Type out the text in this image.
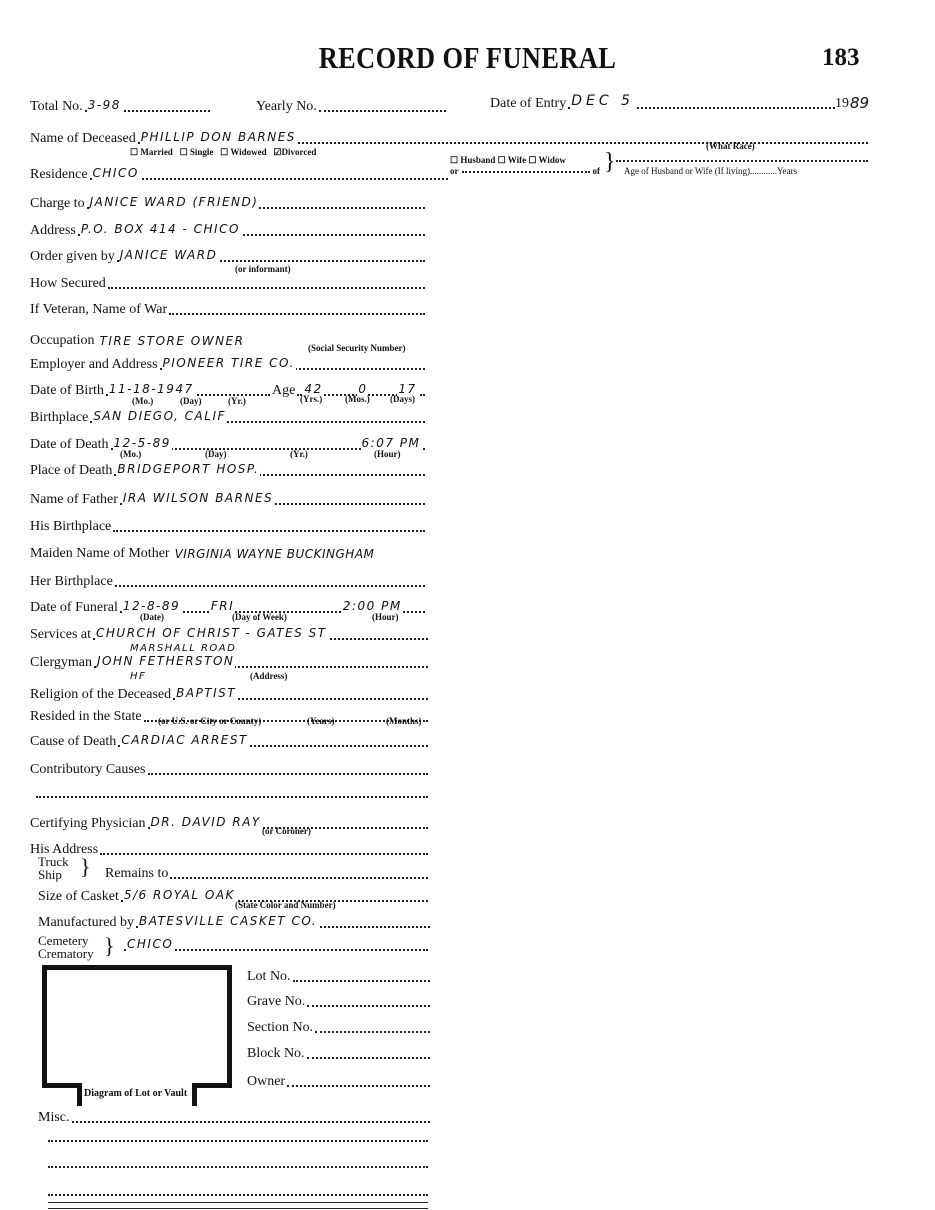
RECORD OF FUNERAL	183
Total No. 3-98	Yearly No.	Date of Entry DEC 5	19 89
Name of Deceased PHILLIP DON BARNES
(What Race)
☐ Married ☐ Single ☐ Widowed ☑Divorced
☐ Husband ☐ Wife ☐ Widow }
or	of	Age of Husband or Wife (If living)............Years
Residence CHICO
Charge to JANICE WARD (FRIEND)
Address P.O. BOX 414 - CHICO
Order given by JANICE WARD
(or informant)
How Secured
If Veteran, Name of War
Occupation TIRE STORE OWNER	(Social Security Number)
Employer and Address PIONEER TIRE CO.
Date of Birth 11-18-1947	Age 42	0	17
(Mo.)	(Day)	(Yr.)	(Yrs.)	(Mos.) (Days)
Birthplace SAN DIEGO, CALIF
Date of Death 12-5-89	6:07 PM
(Mo.)	(Day)	(Yr.)	(Hour)
Place of Death BRIDGEPORT HOSP.
Name of Father IRA WILSON BARNES
His Birthplace
Maiden Name of Mother VIRGINIA WAYNE BUCKINGHAM
Her Birthplace
Date of Funeral 12-8-89	FRI	2:00 PM
(Date)	(Day of Week)	(Hour)
Services at CHURCH OF CHRIST - GATES ST
MARSHALL ROAD
Clergyman JOHN FETHERSTON
HF	(Address)
Religion of the Deceased BAPTIST
Resided in the State (or U.S. or City or County)	(Years)	(Months)
Cause of Death CARDIAC ARREST
Contributory Causes
Certifying Physician DR. DAVID RAY
(or Coroner)
His Address
Truck
Ship } Remains to
Size of Casket 5/6 ROYAL OAK
(State Color and Number)
Manufactured by BATESVILLE CASKET CO.
Cemetery
Crematory } CHICO
Diagram of Lot or Vault
Lot No.
Grave No.
Section No.
Block No.
Owner
Misc.
